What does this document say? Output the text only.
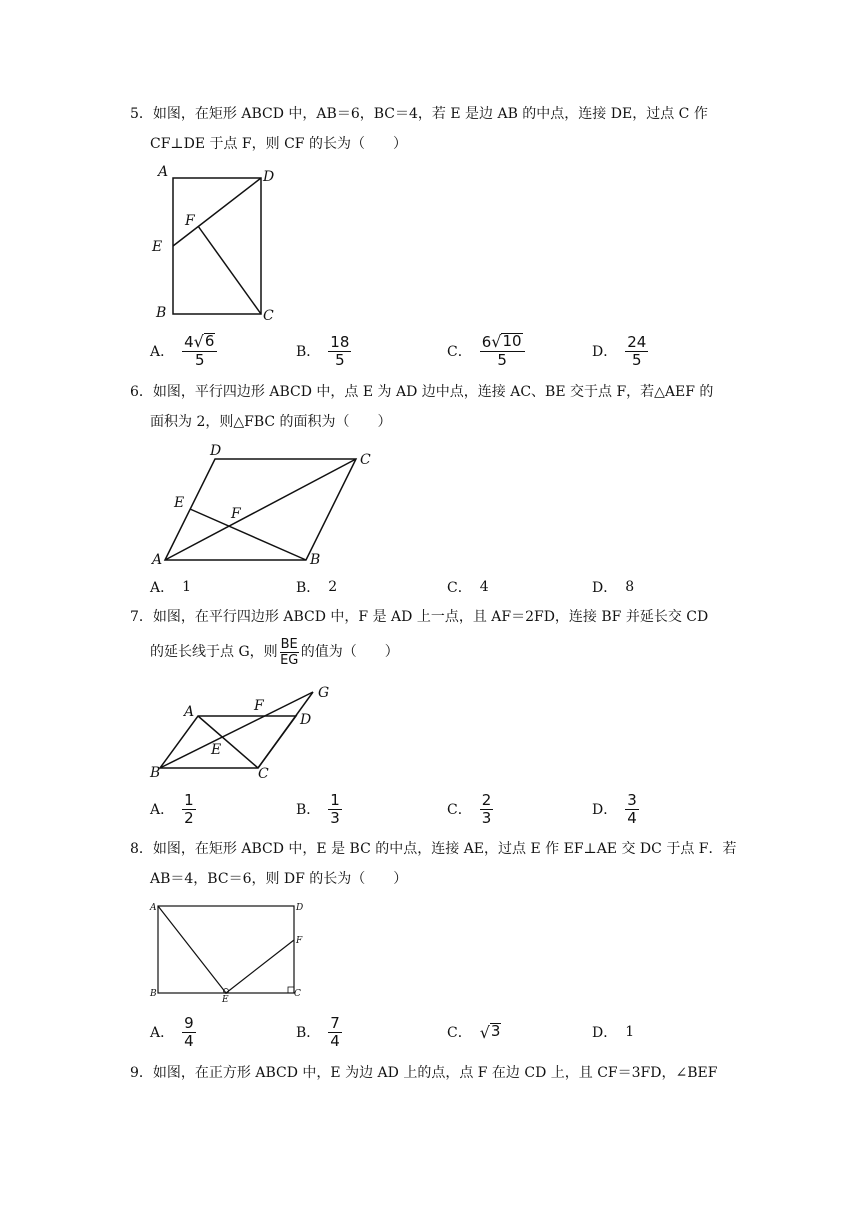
5．如图，在矩形 ABCD 中，AB＝6，BC＝4，若 E 是边 AB 的中点，连接 DE，过点 C 作
CF⊥DE 于点 F，则 CF 的长为（　　）
A	D
F
E
B	C
A． $\frac{4 √ 6}{5}$	B． $\frac{18}{5}$	C． $\frac{6 √ 10}{5}$	D． $\frac{24}{5}$
6．如图，平行四边形 ABCD 中，点 E 为 AD 边中点，连接 AC、BE 交于点 F，若△AEF 的
面积为 2，则△FBC 的面积为（　　）
D
C
E
F
A	B
A． 1	B． 2	C． 4	D． 8
7．如图，在平行四边形 ABCD 中，F 是 AD 上一点，且 AF＝2FD，连接 BF 并延长交 CD
的延长线于点 G，则 $\frac{BE}{EG}$ 的值为（　　）
A	F
G
D
E
B	C
A． $\frac{1}{2}$	B． $\frac{1}{3}$	C． $\frac{2}{3}$	D． $\frac{3}{4}$
8．如图，在矩形 ABCD 中，E 是 BC 的中点，连接 AE，过点 E 作 EF⊥AE 交 DC 于点 F．若
AB＝4，BC＝6，则 DF 的长为（　　）
A	D
F
B
E
C
A． $\frac{9}{4}$	B． $\frac{7}{4}$	C． √ 3	D． 1
9．如图，在正方形 ABCD 中，E 为边 AD 上的点，点 F 在边 CD 上，且 CF＝3FD，∠BEF
